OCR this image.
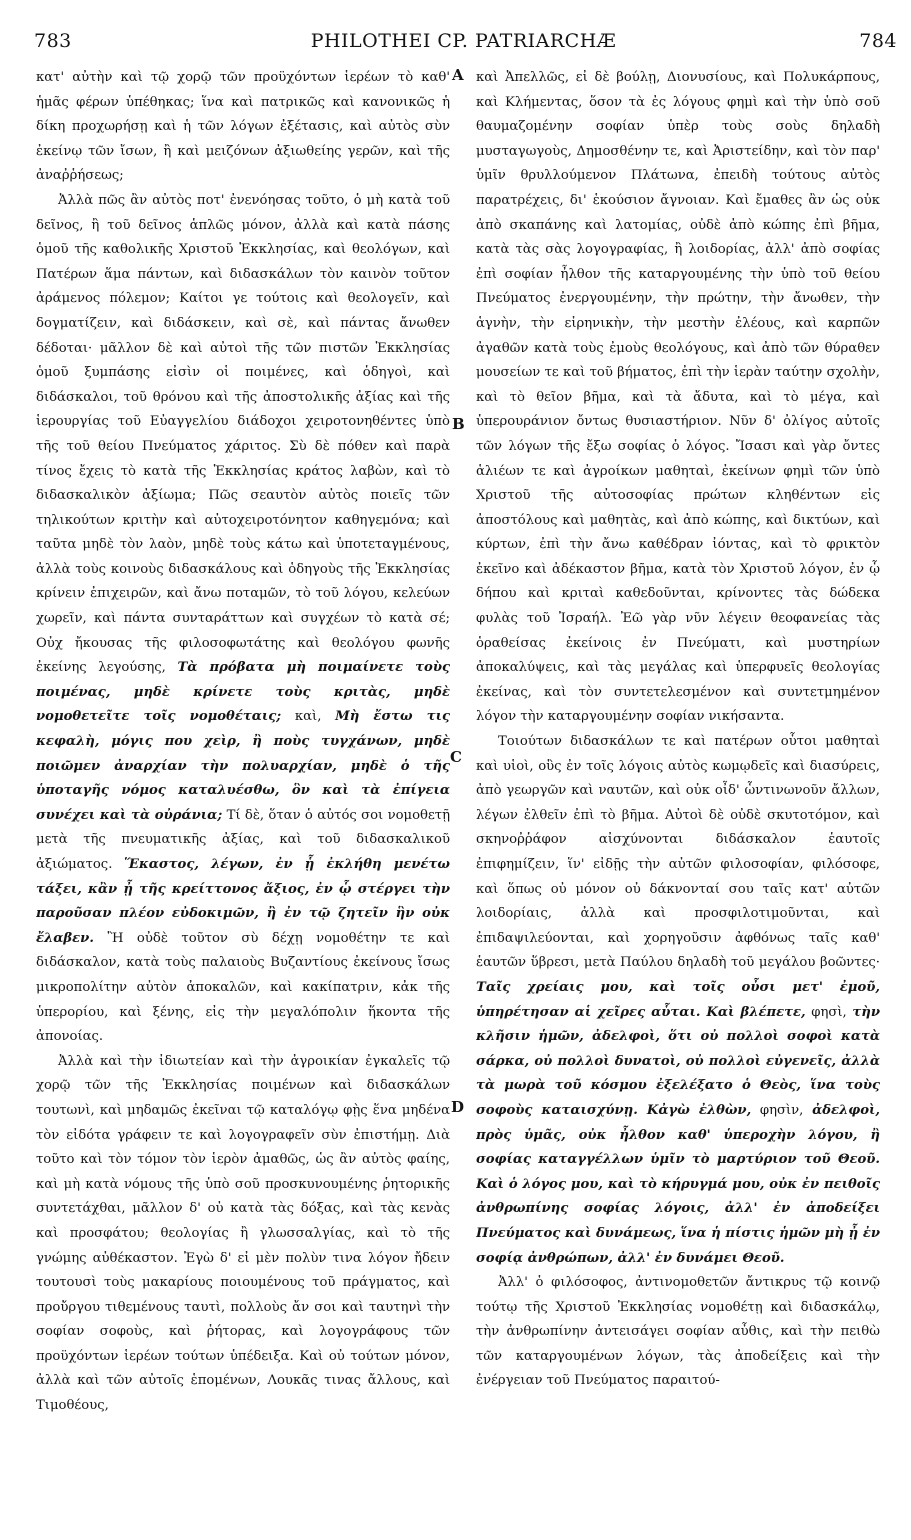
783	PHILOTHEI CP. PATRIARCHÆ	784
A
B
C
D

κατ' αὐτὴν καὶ τῷ χορῷ τῶν προϋχόντων ἱερέων τὸ καθ' ἡμᾶς φέρων ὑπέθηκας; ἵνα καὶ πατρικῶς καὶ κανονικῶς ἡ δίκη προχωρήσῃ καὶ ἡ τῶν λόγων ἐξέτασις, καὶ αὐτὸς σὺν ἐκείνῳ τῶν ἴσων, ἢ καὶ μειζόνων ἀξιωθείης γερῶν, καὶ τῆς ἀναῤῥήσεως;

Ἀλλὰ πῶς ἂν αὐτὸς ποτ' ἐνενόησας τοῦτο, ὁ μὴ κατὰ τοῦ δεῖνος, ἢ τοῦ δεῖνος ἁπλῶς μόνον, ἀλλὰ καὶ κατὰ πάσης ὁμοῦ τῆς καθολικῆς Χριστοῦ Ἐκκλησίας, καὶ θεολόγων, καὶ Πατέρων ἅμα πάντων, καὶ διδασκάλων τὸν καινὸν τοῦτον ἀράμενος πόλεμον; Καίτοι γε τούτοις καὶ θεολογεῖν, καὶ δογματίζειν, καὶ διδάσκειν, καὶ σὲ, καὶ πάντας ἄνωθεν δέδοται· μᾶλλον δὲ καὶ αὐτοὶ τῆς τῶν πιστῶν Ἐκκλησίας ὁμοῦ ξυμπάσης εἰσὶν οἱ ποιμένες, καὶ ὁδηγοὶ, καὶ διδάσκαλοι, τοῦ θρόνου καὶ τῆς ἀποστολικῆς ἀξίας καὶ τῆς ἱερουργίας τοῦ Εὐαγγελίου διάδοχοι χειροτονηθέντες ὑπὸ τῆς τοῦ θείου Πνεύματος χάριτος. Σὺ δὲ πόθεν καὶ παρὰ τίνος ἔχεις τὸ κατὰ τῆς Ἐκκλησίας κράτος λαβὼν, καὶ τὸ διδασκαλικὸν ἀξίωμα; Πῶς σεαυτὸν αὐτὸς ποιεῖς τῶν τηλικούτων κριτὴν καὶ αὐτοχειροτόνητον καθηγεμόνα; καὶ ταῦτα μηδὲ τὸν λαὸν, μηδὲ τοὺς κάτω καὶ ὑποτεταγμένους, ἀλλὰ τοὺς κοινοὺς διδασκάλους καὶ ὁδηγοὺς τῆς Ἐκκλησίας κρίνειν ἐπιχειρῶν, καὶ ἄνω ποταμῶν, τὸ τοῦ λόγου, κελεύων χωρεῖν, καὶ πάντα συνταράττων καὶ συγχέων τὸ κατὰ σέ; Οὐχ ἤκουσας τῆς φιλοσοφωτάτης καὶ θεολόγου φωνῆς ἐκείνης λεγούσης, Τὰ πρόβατα μὴ ποιμαίνετε τοὺς ποιμένας, μηδὲ κρίνετε τοὺς κριτὰς, μηδὲ νομοθετεῖτε τοῖς νομοθέταις; καὶ, Μὴ ἔστω τις κεφαλὴ, μόγις που χεὶρ, ἢ ποὺς τυγχάνων, μηδὲ ποιῶμεν ἀναρχίαν τὴν πολυαρχίαν, μηδὲ ὁ τῆς ὑποταγῆς νόμος καταλυέσθω, ὃν καὶ τὰ ἐπίγεια συνέχει καὶ τὰ οὐράνια; Τί δὲ, ὅταν ὁ αὐτός σοι νομοθετῇ μετὰ τῆς πνευματικῆς ἀξίας, καὶ τοῦ διδασκαλικοῦ ἀξιώματος. Ἕκαστος, λέγων, ἐν ᾗ ἐκλήθη μενέτω τάξει, κἂν ᾖ τῆς κρείττονος ἄξιος, ἐν ᾧ στέργει τὴν παροῦσαν πλέον εὐδοκιμῶν, ἢ ἐν τῷ ζητεῖν ἣν οὐκ ἔλαβεν. Ἢ οὐδὲ τοῦτον σὺ δέχῃ νομοθέτην τε καὶ διδάσκαλον, κατὰ τοὺς παλαιοὺς Βυζαντίους ἐκείνους ἴσως μικροπολίτην αὐτὸν ἀποκαλῶν, καὶ κακίπατριν, κἀκ τῆς ὑπερορίου, καὶ ξένης, εἰς τὴν μεγαλόπολιν ἥκοντα τῆς ἀπονοίας.

Ἀλλὰ καὶ τὴν ἰδιωτείαν καὶ τὴν ἀγροικίαν ἐγκαλεῖς τῷ χορῷ τῶν τῆς Ἐκκλησίας ποιμένων καὶ διδασκάλων τουτωνὶ, καὶ μηδαμῶς ἐκεῖναι τῷ καταλόγῳ φῂς ἕνα μηδένα τὸν εἰδότα γράφειν τε καὶ λογογραφεῖν σὺν ἐπιστήμῃ. Διὰ τοῦτο καὶ τὸν τόμον τὸν ἱερὸν ἀμαθῶς, ὡς ἂν αὐτὸς φαίης, καὶ μὴ κατὰ νόμους τῆς ὑπὸ σοῦ προσκυνουμένης ῥητορικῆς συντετάχθαι, μᾶλλον δ' οὐ κατὰ τὰς δόξας, καὶ τὰς κενὰς καὶ προσφάτου; θεολογίας ἢ γλωσσαλγίας, καὶ τὸ τῆς γνώμης αὐθέκαστον. Ἐγὼ δ' εἰ μὲν πολὺν τινα λόγον ἤδειν τουτουσὶ τοὺς μακαρίους ποιουμένους τοῦ πράγματος, καὶ προὔργου τιθεμένους ταυτὶ, πολλοὺς ἄν σοι καὶ ταυτηνὶ τὴν σοφίαν σοφοὺς, καὶ ῥήτορας, καὶ λογογράφους τῶν προϋχόντων ἱερέων τούτων ὑπέδειξα. Καὶ οὐ τούτων μόνον, ἀλλὰ καὶ τῶν αὐτοῖς ἑπομένων, Λουκᾶς τινας ἄλλους, καὶ Τιμοθέους,

καὶ Ἀπελλῶς, εἰ δὲ βούλῃ, Διονυσίους, καὶ Πολυκάρπους, καὶ Κλήμεντας, ὅσον τὰ ἐς λόγους φημὶ καὶ τὴν ὑπὸ σοῦ θαυμαζομένην σοφίαν ὑπὲρ τοὺς σοὺς δηλαδὴ μυσταγωγοὺς, Δημοσθένην τε, καὶ Ἀριστείδην, καὶ τὸν παρ' ὑμῖν θρυλλούμενον Πλάτωνα, ἐπειδὴ τούτους αὐτὸς παρατρέχεις, δι' ἑκούσιον ἄγνοιαν. Καὶ ἔμαθες ἂν ὡς οὐκ ἀπὸ σκαπάνης καὶ λατομίας, οὐδὲ ἀπὸ κώπης ἐπὶ βῆμα, κατὰ τὰς σὰς λογογραφίας, ἢ λοιδορίας, ἀλλ' ἀπὸ σοφίας ἐπὶ σοφίαν ἦλθον τῆς καταργουμένης τὴν ὑπὸ τοῦ θείου Πνεύματος ἐνεργουμένην, τὴν πρώτην, τὴν ἄνωθεν, τὴν ἁγνὴν, τὴν εἰρηνικὴν, τὴν μεστὴν ἐλέους, καὶ καρπῶν ἀγαθῶν κατὰ τοὺς ἐμοὺς θεολόγους, καὶ ἀπὸ τῶν θύραθεν μουσείων τε καὶ τοῦ βήματος, ἐπὶ τὴν ἱερὰν ταύτην σχολὴν, καὶ τὸ θεῖον βῆμα, καὶ τὰ ἄδυτα, καὶ τὸ μέγα, καὶ ὑπερουράνιον ὄντως θυσιαστήριον. Νῦν δ' ὀλίγος αὐτοῖς τῶν λόγων τῆς ἔξω σοφίας ὁ λόγος. Ἴσασι καὶ γὰρ ὄντες ἁλιέων τε καὶ ἀγροίκων μαθηταὶ, ἐκείνων φημὶ τῶν ὑπὸ Χριστοῦ τῆς αὐτοσοφίας πρώτων κληθέντων εἰς ἀποστόλους καὶ μαθητὰς, καὶ ἀπὸ κώπης, καὶ δικτύων, καὶ κύρτων, ἐπὶ τὴν ἄνω καθέδραν ἰόντας, καὶ τὸ φρικτὸν ἐκεῖνο καὶ ἀδέκαστον βῆμα, κατὰ τὸν Χριστοῦ λόγον, ἐν ᾧ δήπου καὶ κριταὶ καθεδοῦνται, κρίνοντες τὰς δώδεκα φυλὰς τοῦ Ἰσραήλ. Ἐῶ γὰρ νῦν λέγειν θεοφανείας τὰς ὁραθείσας ἐκείνοις ἐν Πνεύματι, καὶ μυστηρίων ἀποκαλύψεις, καὶ τὰς μεγάλας καὶ ὑπερφυεῖς θεολογίας ἐκείνας, καὶ τὸν συντετελεσμένον καὶ συντετμημένον λόγον τὴν καταργουμένην σοφίαν νικήσαντα.

Τοιούτων διδασκάλων τε καὶ πατέρων οὗτοι μαθηταὶ καὶ υἱοὶ, οὓς ἐν τοῖς λόγοις αὐτὸς κωμῳδεῖς καὶ διασύρεις, ἀπὸ γεωργῶν καὶ ναυτῶν, καὶ οὐκ οἶδ' ὧντινωνοῦν ἄλλων, λέγων ἐλθεῖν ἐπὶ τὸ βῆμα. Αὐτοὶ δὲ οὐδὲ σκυτοτόμον, καὶ σκηνοῤῥάφον αἰσχύνονται διδάσκαλον ἑαυτοῖς ἐπιφημίζειν, ἵν' εἰδῇς τὴν αὐτῶν φιλοσοφίαν, φιλόσοφε, καὶ ὅπως οὐ μόνον οὐ δάκνονταί σου ταῖς κατ' αὐτῶν λοιδορίαις, ἀλλὰ καὶ προσφιλοτιμοῦνται, καὶ ἐπιδαψιλεύονται, καὶ χορηγοῦσιν ἀφθόνως ταῖς καθ' ἑαυτῶν ὕβρεσι, μετὰ Παύλου δηλαδὴ τοῦ μεγάλου βοῶντες· Ταῖς χρείαις μου, καὶ τοῖς οὖσι μετ' ἐμοῦ, ὑπηρέτησαν αἱ χεῖρες αὗται. Καὶ βλέπετε, φησὶ, τὴν κλῆσιν ἡμῶν, ἀδελφοὶ, ὅτι οὐ πολλοὶ σοφοὶ κατὰ σάρκα, οὐ πολλοὶ δυνατοὶ, οὐ πολλοὶ εὐγενεῖς, ἀλλὰ τὰ μωρὰ τοῦ κόσμου ἐξελέξατο ὁ Θεὸς, ἵνα τοὺς σοφοὺς καταισχύνῃ. Κἀγὼ ἐλθὼν, φησὶν, ἀδελφοὶ, πρὸς ὑμᾶς, οὐκ ἦλθον καθ' ὑπεροχὴν λόγου, ἢ σοφίας καταγγέλλων ὑμῖν τὸ μαρτύριον τοῦ Θεοῦ. Καὶ ὁ λόγος μου, καὶ τὸ κήρυγμά μου, οὐκ ἐν πειθοῖς ἀνθρωπίνης σοφίας λόγοις, ἀλλ' ἐν ἀποδείξει Πνεύματος καὶ δυνάμεως, ἵνα ἡ πίστις ἡμῶν μὴ ᾖ ἐν σοφίᾳ ἀνθρώπων, ἀλλ' ἐν δυνάμει Θεοῦ.

Ἀλλ' ὁ φιλόσοφος, ἀντινομοθετῶν ἄντικρυς τῷ κοινῷ τούτῳ τῆς Χριστοῦ Ἐκκλησίας νομοθέτῃ καὶ διδασκάλῳ, τὴν ἀνθρωπίνην ἀντεισάγει σοφίαν αὖθις, καὶ τὴν πειθὼ τῶν καταργουμένων λόγων, τὰς ἀποδείξεις καὶ τὴν ἐνέργειαν τοῦ Πνεύματος παραιτού-
